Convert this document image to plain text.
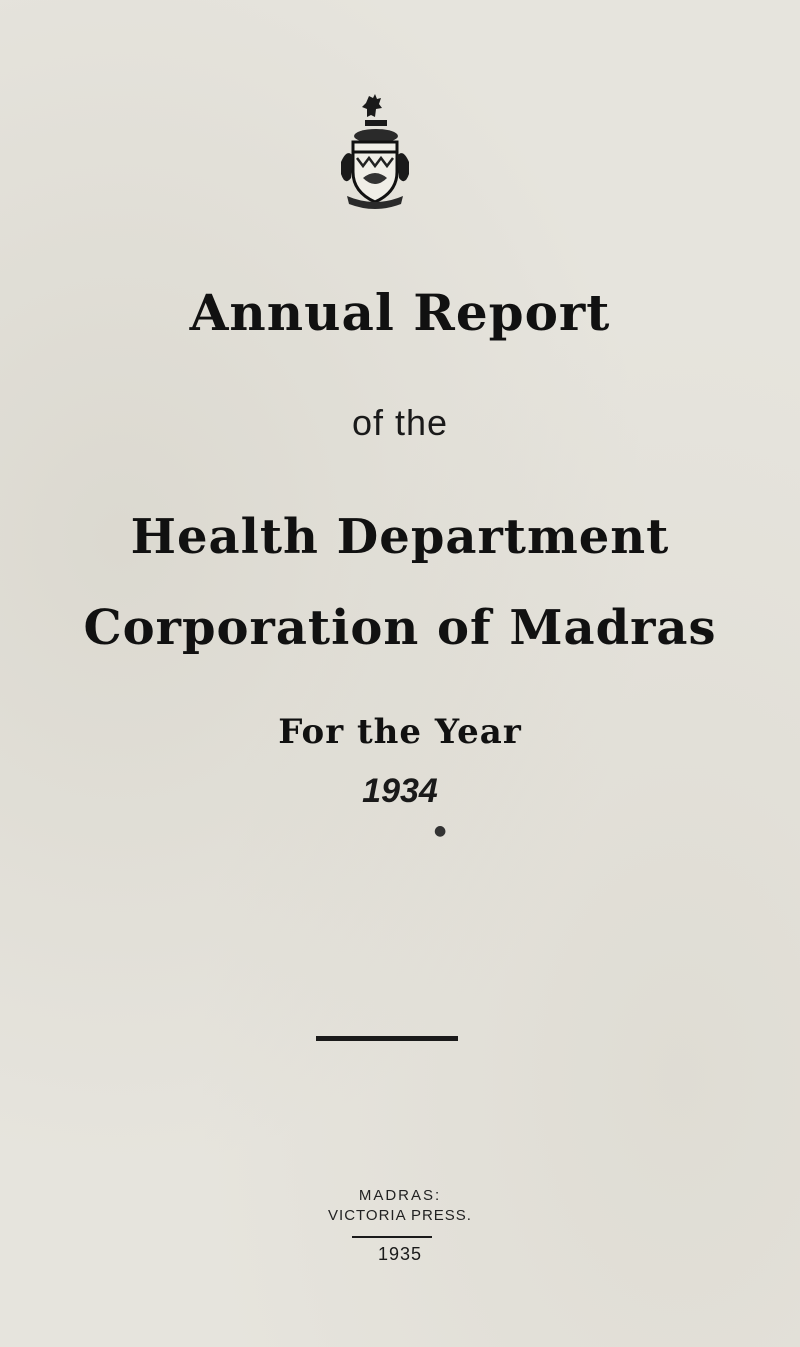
Annual Report
of the
Health Department
Corporation of Madras
For the Year
1934
●
MADRAS:
VICTORIA PRESS.
1935
